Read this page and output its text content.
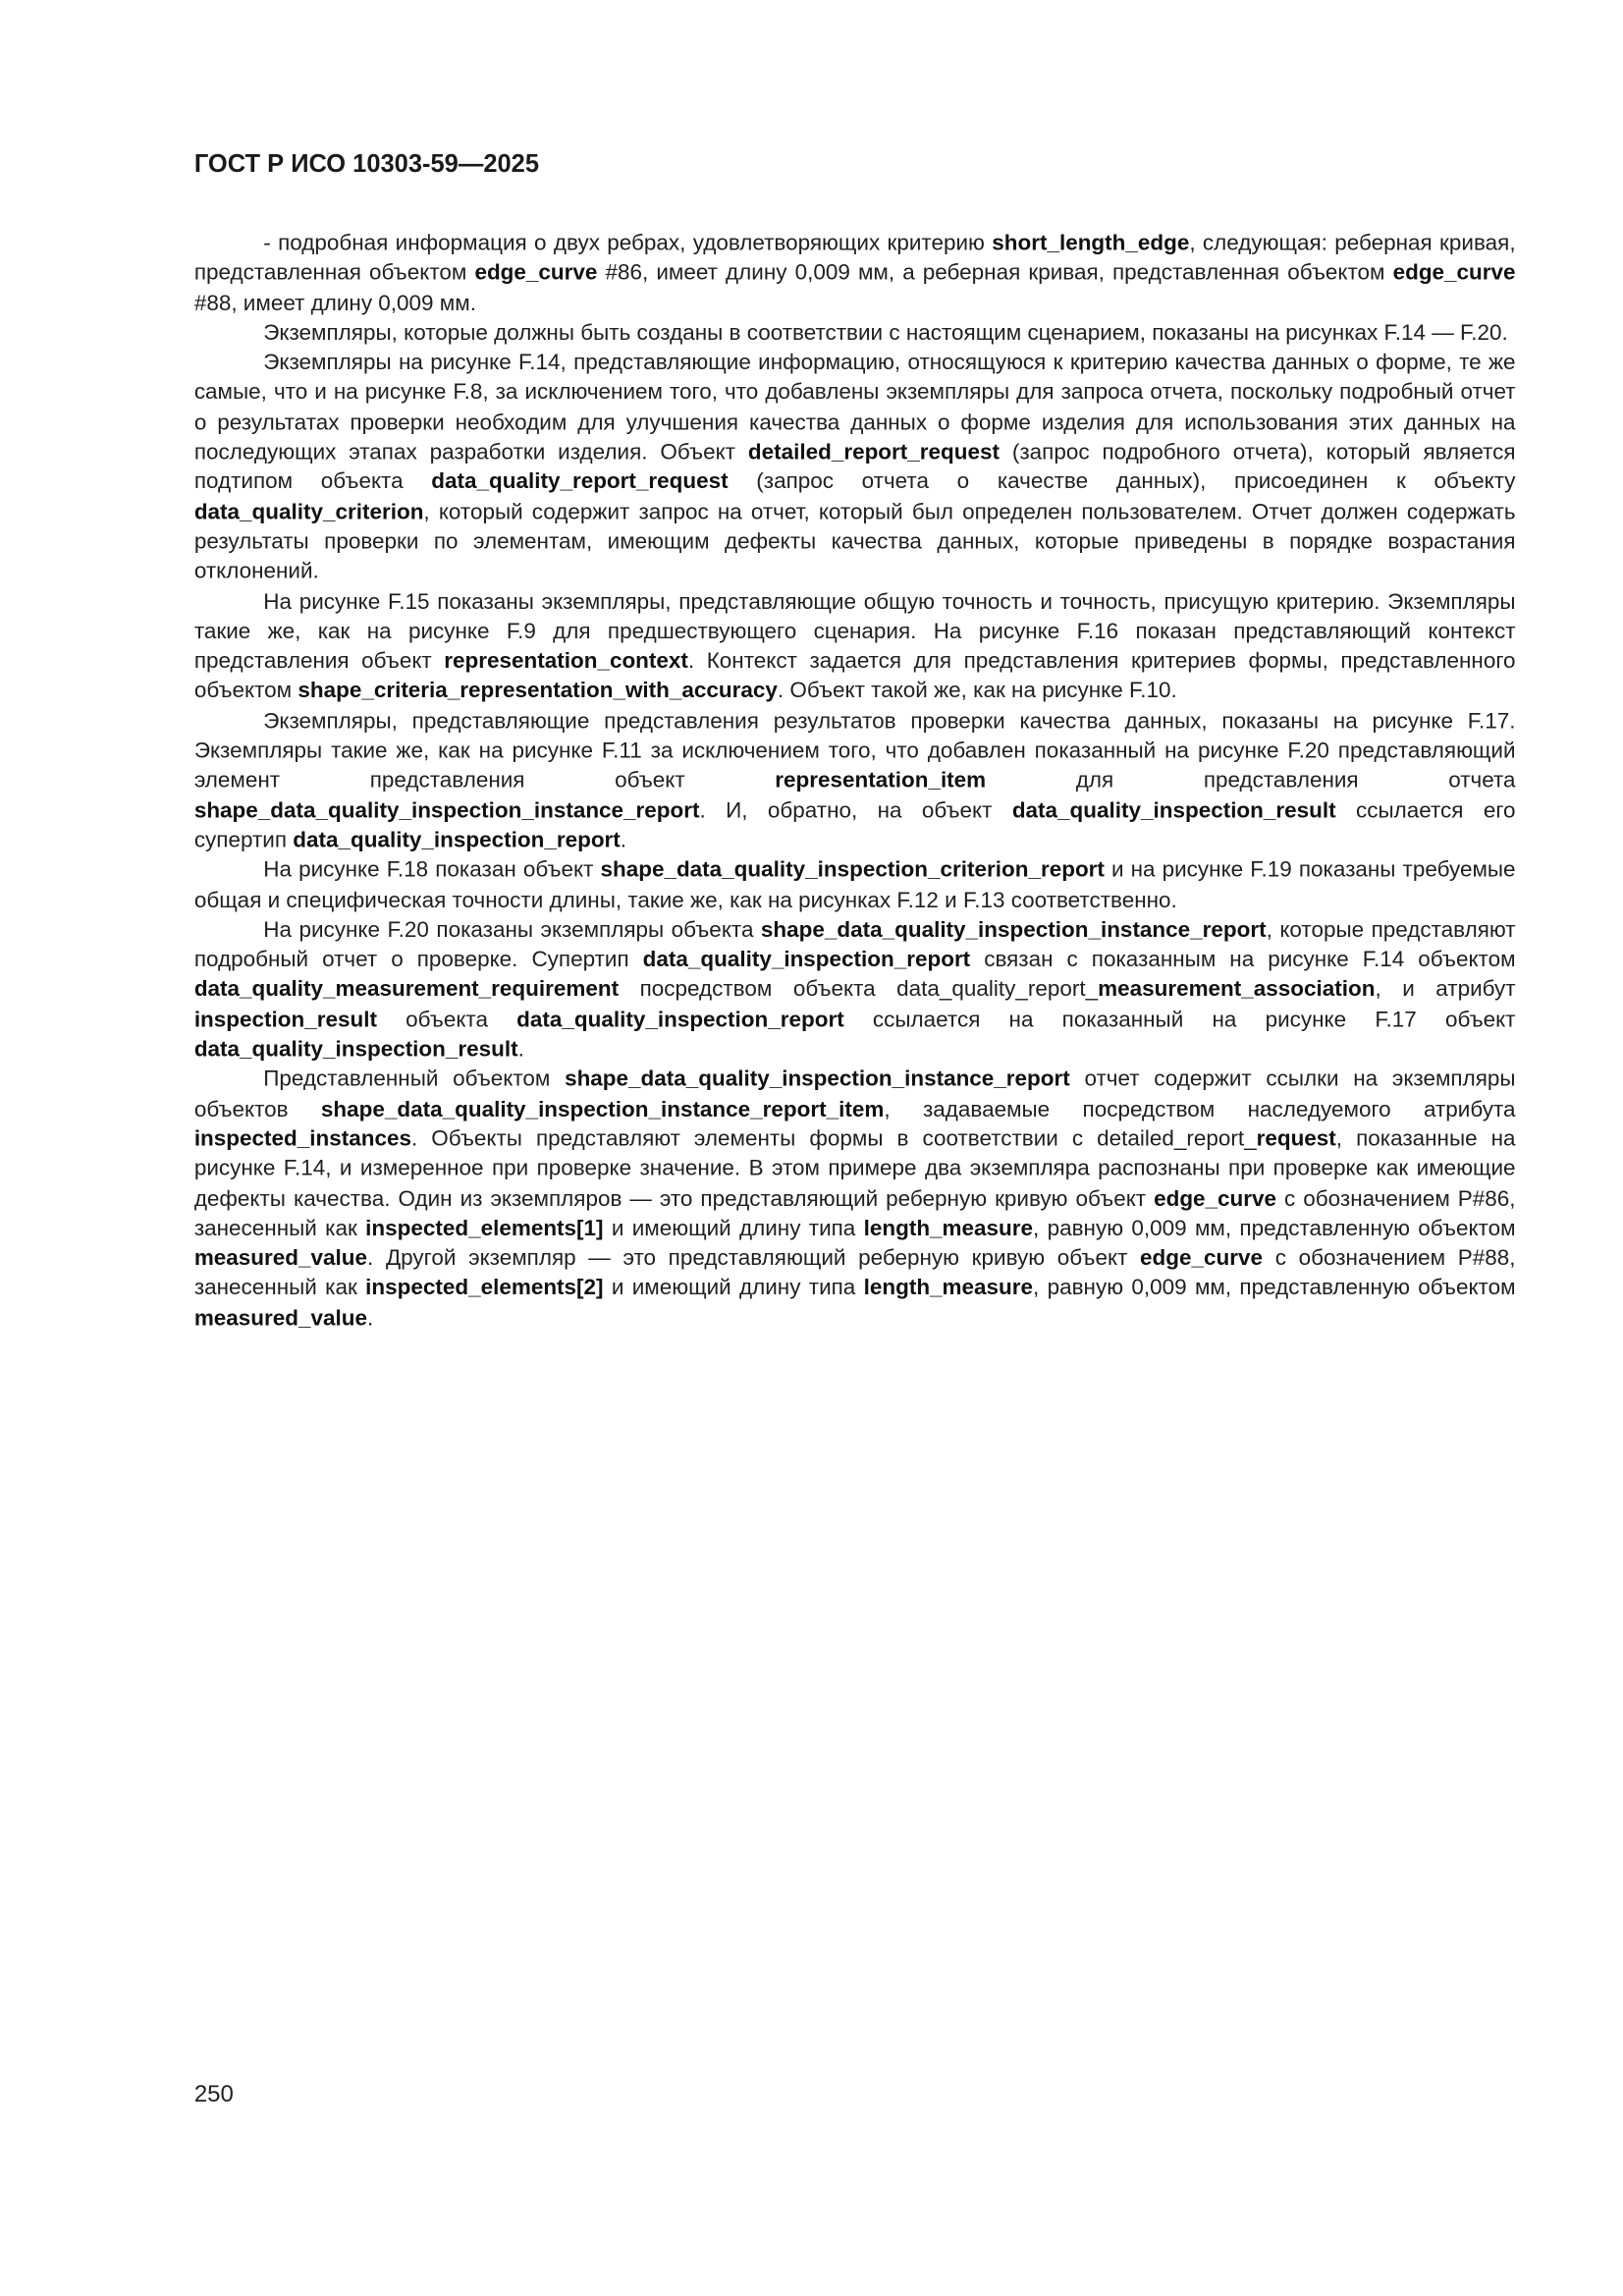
ГОСТ Р ИСО 10303-59—2025

- подробная информация о двух ребрах, удовлетворяющих критерию short_length_edge, следующая: реберная кривая, представленная объектом edge_curve #86, имеет длину 0,009 мм, а реберная кривая, представленная объектом edge_curve #88, имеет длину 0,009 мм.

Экземпляры, которые должны быть созданы в соответствии с настоящим сценарием, показаны на рисунках F.14 — F.20.

Экземпляры на рисунке F.14, представляющие информацию, относящуюся к критерию качества данных о форме, те же самые, что и на рисунке F.8, за исключением того, что добавлены экземпляры для запроса отчета, поскольку подробный отчет о результатах проверки необходим для улучшения качества данных о форме изделия для использования этих данных на последующих этапах разработки изделия. Объект detailed_report_request (запрос подробного отчета), который является подтипом объекта data_quality_report_request (запрос отчета о качестве данных), присоединен к объекту data_quality_criterion, который содержит запрос на отчет, который был определен пользователем. Отчет должен содержать результаты проверки по элементам, имеющим дефекты качества данных, которые приведены в порядке возрастания отклонений.

На рисунке F.15 показаны экземпляры, представляющие общую точность и точность, присущую критерию. Экземпляры такие же, как на рисунке F.9 для предшествующего сценария. На рисунке F.16 показан представляющий контекст представления объект representation_context. Контекст задается для представления критериев формы, представленного объектом shape_criteria_representation_with_accuracy. Объект такой же, как на рисунке F.10.

Экземпляры, представляющие представления результатов проверки качества данных, показаны на рисунке F.17. Экземпляры такие же, как на рисунке F.11 за исключением того, что добавлен показанный на рисунке F.20 представляющий элемент представления объект representation_item для представления отчета shape_data_quality_inspection_instance_report. И, обратно, на объект data_quality_inspection_result ссылается его супертип data_quality_inspection_report.

На рисунке F.18 показан объект shape_data_quality_inspection_criterion_report и на рисунке F.19 показаны требуемые общая и специфическая точности длины, такие же, как на рисунках F.12 и F.13 соответственно.

На рисунке F.20 показаны экземпляры объекта shape_data_quality_inspection_instance_report, которые представляют подробный отчет о проверке. Супертип data_quality_inspection_report связан с показанным на рисунке F.14 объектом data_quality_measurement_requirement посредством объекта data_quality_report_measurement_association, и атрибут inspection_result объекта data_quality_inspection_report ссылается на показанный на рисунке F.17 объект data_quality_inspection_result.

Представленный объектом shape_data_quality_inspection_instance_report отчет содержит ссылки на экземпляры объектов shape_data_quality_inspection_instance_report_item, задаваемые посредством наследуемого атрибута inspected_instances. Объекты представляют элементы формы в соответствии с detailed_report_request, показанные на рисунке F.14, и измеренное при проверке значение. В этом примере два экземпляра распознаны при проверке как имеющие дефекты качества. Один из экземпляров — это представляющий реберную кривую объект edge_curve с обозначением P#86, занесенный как inspected_elements[1] и имеющий длину типа length_measure, равную 0,009 мм, представленную объектом measured_value. Другой экземпляр — это представляющий реберную кривую объект edge_curve с обозначением P#88, занесенный как inspected_elements[2] и имеющий длину типа length_measure, равную 0,009 мм, представленную объектом measured_value.

250
